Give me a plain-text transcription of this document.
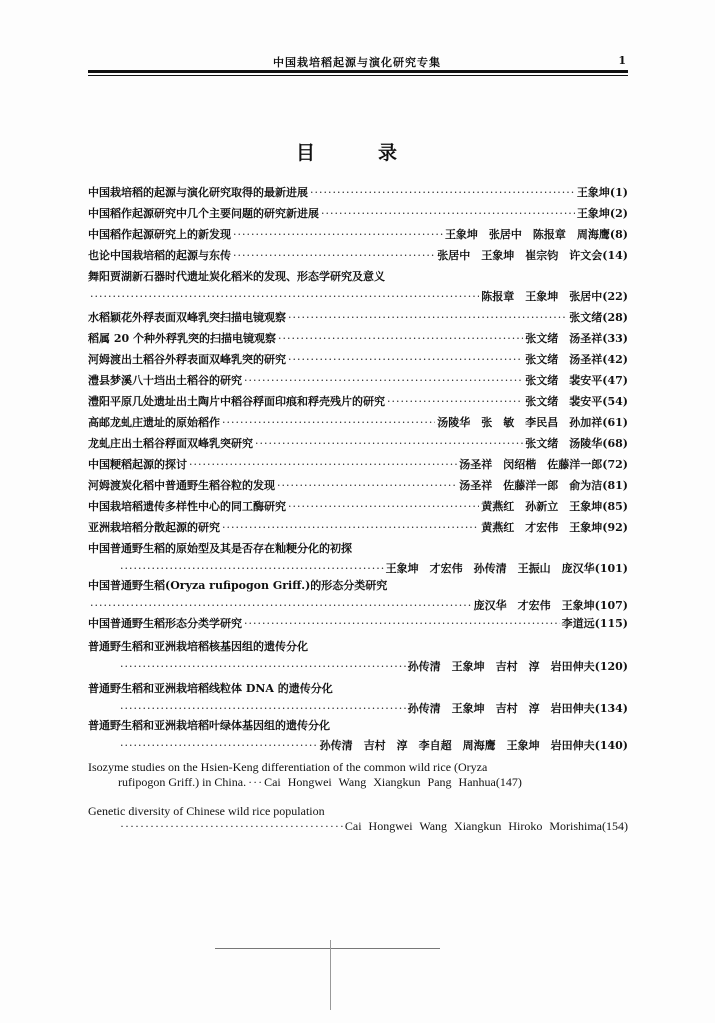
中国栽培稻起源与演化研究专集	1
目　录
中国栽培稻的起源与演化研究取得的最新进展 ·····	王象坤(1)
中国稻作起源研究中几个主要问题的研究新进展 ·····	王象坤(2)
中国稻作起源研究上的新发现 ·····	王象坤　张居中　陈报章　周海鹰(8)
也论中国栽培稻的起源与东传 ·····	张居中　王象坤　崔宗钧　许文会(14)
舞阳贾湖新石器时代遗址炭化稻米的发现、形态学研究及意义
·····
陈报章　王象坤　张居中(22)
水稻颖花外稃表面双峰乳突扫描电镜观察 ·····	张文绪(28)
稻属 20 个种外稃乳突的扫描电镜观察 ·····	张文绪　汤圣祥(33)
河姆渡出土稻谷外稃表面双峰乳突的研究 ·····	张文绪　汤圣祥(42)
澧县梦溪八十垱出土稻谷的研究 ·····	张文绪　裴安平(47)
澧阳平原几处遗址出土陶片中稻谷稃面印痕和稃壳残片的研究 ·····	张文绪　裴安平(54)
高邮龙虬庄遗址的原始稻作 ·····	汤陵华　张　敏　李民昌　孙加祥(61)
龙虬庄出土稻谷稃面双峰乳突研究 ·····	张文绪　汤陵华(68)
中国粳稻起源的探讨 ·····	汤圣祥　闵绍楷　佐藤洋一郎(72)
河姆渡炭化稻中普通野生稻谷粒的发现 ·····	汤圣祥　佐藤洋一郎　俞为洁(81)
中国栽培稻遗传多样性中心的同工酶研究 ·····	黄燕红　孙新立　王象坤(85)
亚洲栽培稻分散起源的研究 ·····	黄燕红　才宏伟　王象坤(92)
中国普通野生稻的原始型及其是否存在籼粳分化的初探
·····
王象坤　才宏伟　孙传清　王振山　庞汉华(101)
中国普通野生稻(Oryza rufipogon Griff.)的形态分类研究
·····
庞汉华　才宏伟　王象坤(107)
中国普通野生稻形态分类学研究 ·····	李道远(115)
普通野生稻和亚洲栽培稻核基因组的遗传分化
·····
孙传清　王象坤　吉村　淳　岩田伸夫(120)
普通野生稻和亚洲栽培稻线粒体 DNA 的遗传分化
·····
孙传清　王象坤　吉村　淳　岩田伸夫(134)
普通野生稻和亚洲栽培稻叶绿体基因组的遗传分化
·····
孙传清　吉村　淳　李自超　周海鹰　王象坤　岩田伸夫(140)
Isozyme studies on the Hsien-Keng differentiation of the common wild rice (Oryza
rufipogon Griff.) in China. ····· Cai Hongwei Wang Xiangkun Pang Hanhua(147)
Genetic diversity of Chinese wild rice population
·····
Cai Hongwei Wang Xiangkun Hiroko Morishima(154)
